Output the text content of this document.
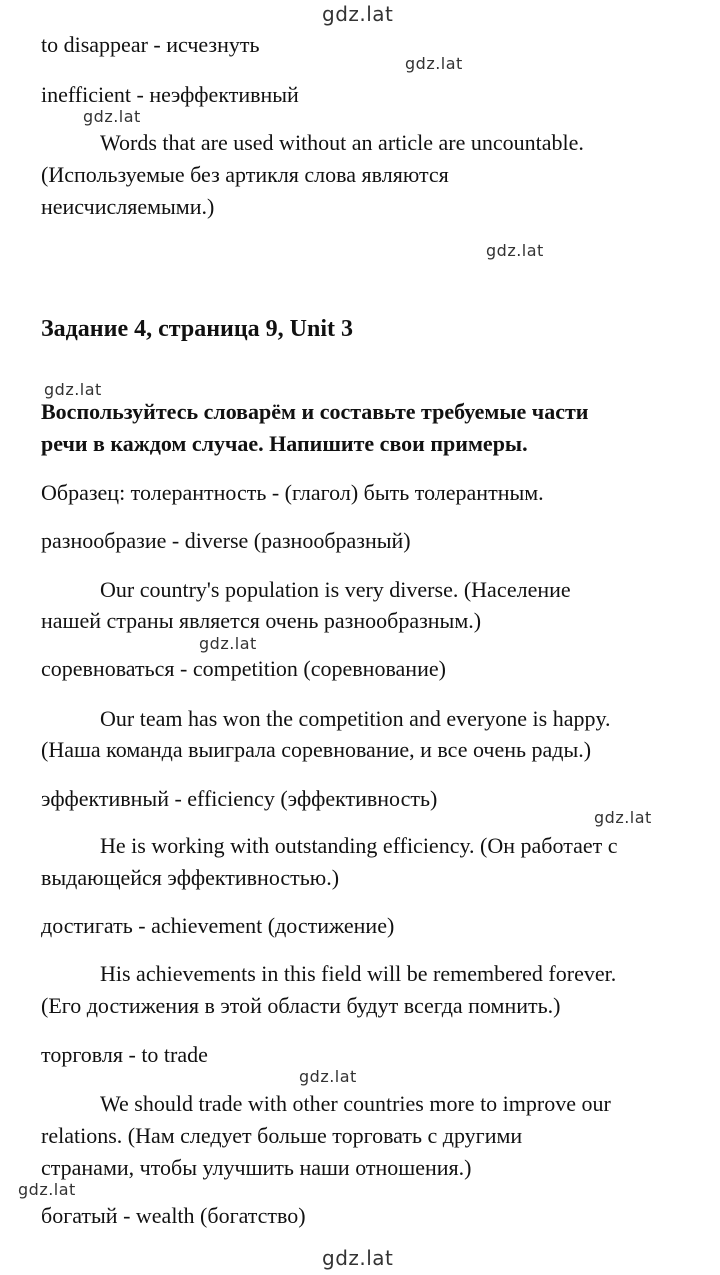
gdz.lat
gdz.lat
gdz.lat
gdz.lat
gdz.lat
gdz.lat
gdz.lat
gdz.lat
gdz.lat
gdz.lat
to disappear - исчезнуть
inefficient - неэффективный
Words that are used without an article are uncountable.
(Используемые без артикля слова являются
неисчисляемыми.)
Задание 4, страница 9, Unit 3
Воспользуйтесь словарём и составьте требуемые части
речи в каждом случае. Напишите свои примеры.
Образец: толерантность - (глагол) быть толерантным.
разнообразие - diverse (разнообразный)
Our country's population is very diverse. (Население
нашей страны является очень разнообразным.)
соревноваться - competition (соревнование)
Our team has won the competition and everyone is happy.
(Наша команда выиграла соревнование, и все очень рады.)
эффективный - efficiency (эффективность)
He is working with outstanding efficiency. (Он работает с
выдающейся эффективностью.)
достигать - achievement (достижение)
His achievements in this field will be remembered forever.
(Его достижения в этой области будут всегда помнить.)
торговля - to trade
We should trade with other countries more to improve our
relations. (Нам следует больше торговать с другими
странами, чтобы улучшить наши отношения.)
богатый - wealth (богатство)
